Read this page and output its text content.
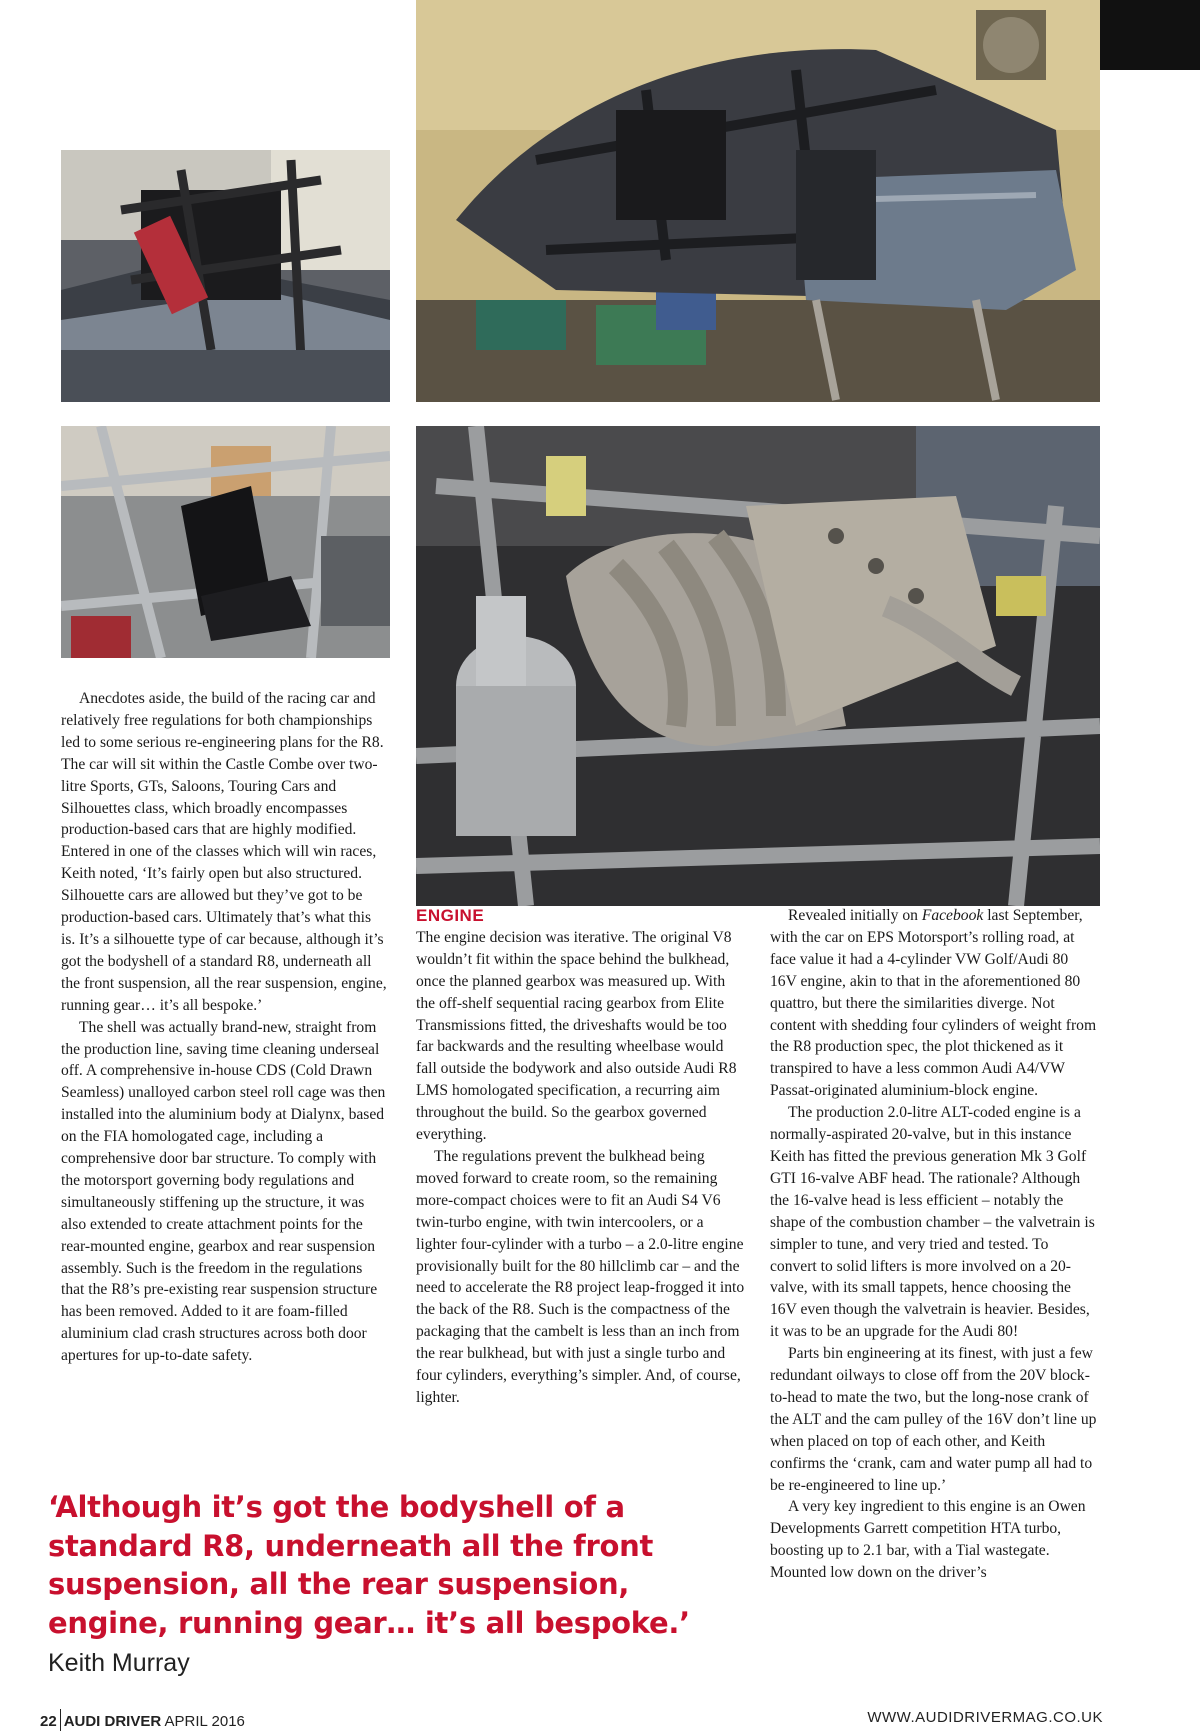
Anecdotes aside, the build of the racing car and relatively free regulations for both championships led to some serious re-engineering plans for the R8. The car will sit within the Castle Combe over two-litre Sports, GTs, Saloons, Touring Cars and Silhouettes class, which broadly encompasses production-based cars that are highly modified. Entered in one of the classes which will win races, Keith noted, ‘It’s fairly open but also structured. Silhouette cars are allowed but they’ve got to be production-based cars. Ultimately that’s what this is. It’s a silhouette type of car because, although it’s got the bodyshell of a standard R8, underneath all the front suspension, all the rear suspension, engine, running gear… it’s all bespoke.’

The shell was actually brand-new, straight from the production line, saving time cleaning underseal off. A comprehensive in-house CDS (Cold Drawn Seamless) unalloyed carbon steel roll cage was then installed into the aluminium body at Dialynx, based on the FIA homologated cage, including a comprehensive door bar structure. To comply with the motorsport governing body regulations and simultaneously stiffening up the structure, it was also extended to create attachment points for the rear-mounted engine, gearbox and rear suspension assembly. Such is the freedom in the regulations that the R8’s pre-existing rear suspension structure has been removed. Added to it are foam-filled aluminium clad crash structures across both door apertures for up-to-date safety.

ENGINE

The engine decision was iterative. The original V8 wouldn’t fit within the space behind the bulkhead, once the planned gearbox was measured up. With the off-shelf sequential racing gearbox from Elite Transmissions fitted, the driveshafts would be too far backwards and the resulting wheelbase would fall outside the bodywork and also outside Audi R8 LMS homologated specification, a recurring aim throughout the build. So the gearbox governed everything.

The regulations prevent the bulkhead being moved forward to create room, so the remaining more-compact choices were to fit an Audi S4 V6 twin-turbo engine, with twin intercoolers, or a lighter four-cylinder with a turbo – a 2.0-litre engine provisionally built for the 80 hillclimb car – and the need to accelerate the R8 project leap-frogged it into the back of the R8. Such is the compactness of the packaging that the cambelt is less than an inch from the rear bulkhead, but with just a single turbo and four cylinders, everything’s simpler. And, of course, lighter.

Revealed initially on Facebook last September, with the car on EPS Motorsport’s rolling road, at face value it had a 4-cylinder VW Golf/Audi 80 16V engine, akin to that in the aforementioned 80 quattro, but there the similarities diverge. Not content with shedding four cylinders of weight from the R8 production spec, the plot thickened as it transpired to have a less common Audi A4/VW Passat-originated aluminium-block engine.

The production 2.0-litre ALT-coded engine is a normally-aspirated 20-valve, but in this instance Keith has fitted the previous generation Mk 3 Golf GTI 16-valve ABF head. The rationale? Although the 16-valve head is less efficient – notably the shape of the combustion chamber – the valvetrain is simpler to tune, and very tried and tested. To convert to solid lifters is more involved on a 20-valve, with its small tappets, hence choosing the 16V even though the valvetrain is heavier. Besides, it was to be an upgrade for the Audi 80!

Parts bin engineering at its finest, with just a few redundant oilways to close off from the 20V block-to-head to mate the two, but the long-nose crank of the ALT and the cam pulley of the 16V don’t line up when placed on top of each other, and Keith confirms the ‘crank, cam and water pump all had to be re-engineered to line up.’

A very key ingredient to this engine is an Owen Developments Garrett competition HTA turbo, boosting up to 2.1 bar, with a Tial wastegate. Mounted low down on the driver’s

‘Although it’s got the bodyshell of a standard R8, underneath all the front suspension, all the rear suspension, engine, running gear… it’s all bespoke.’ Keith Murray
22 AUDI DRIVER APRIL 2016	WWW.AUDIDRIVERMAG.CO.UK
